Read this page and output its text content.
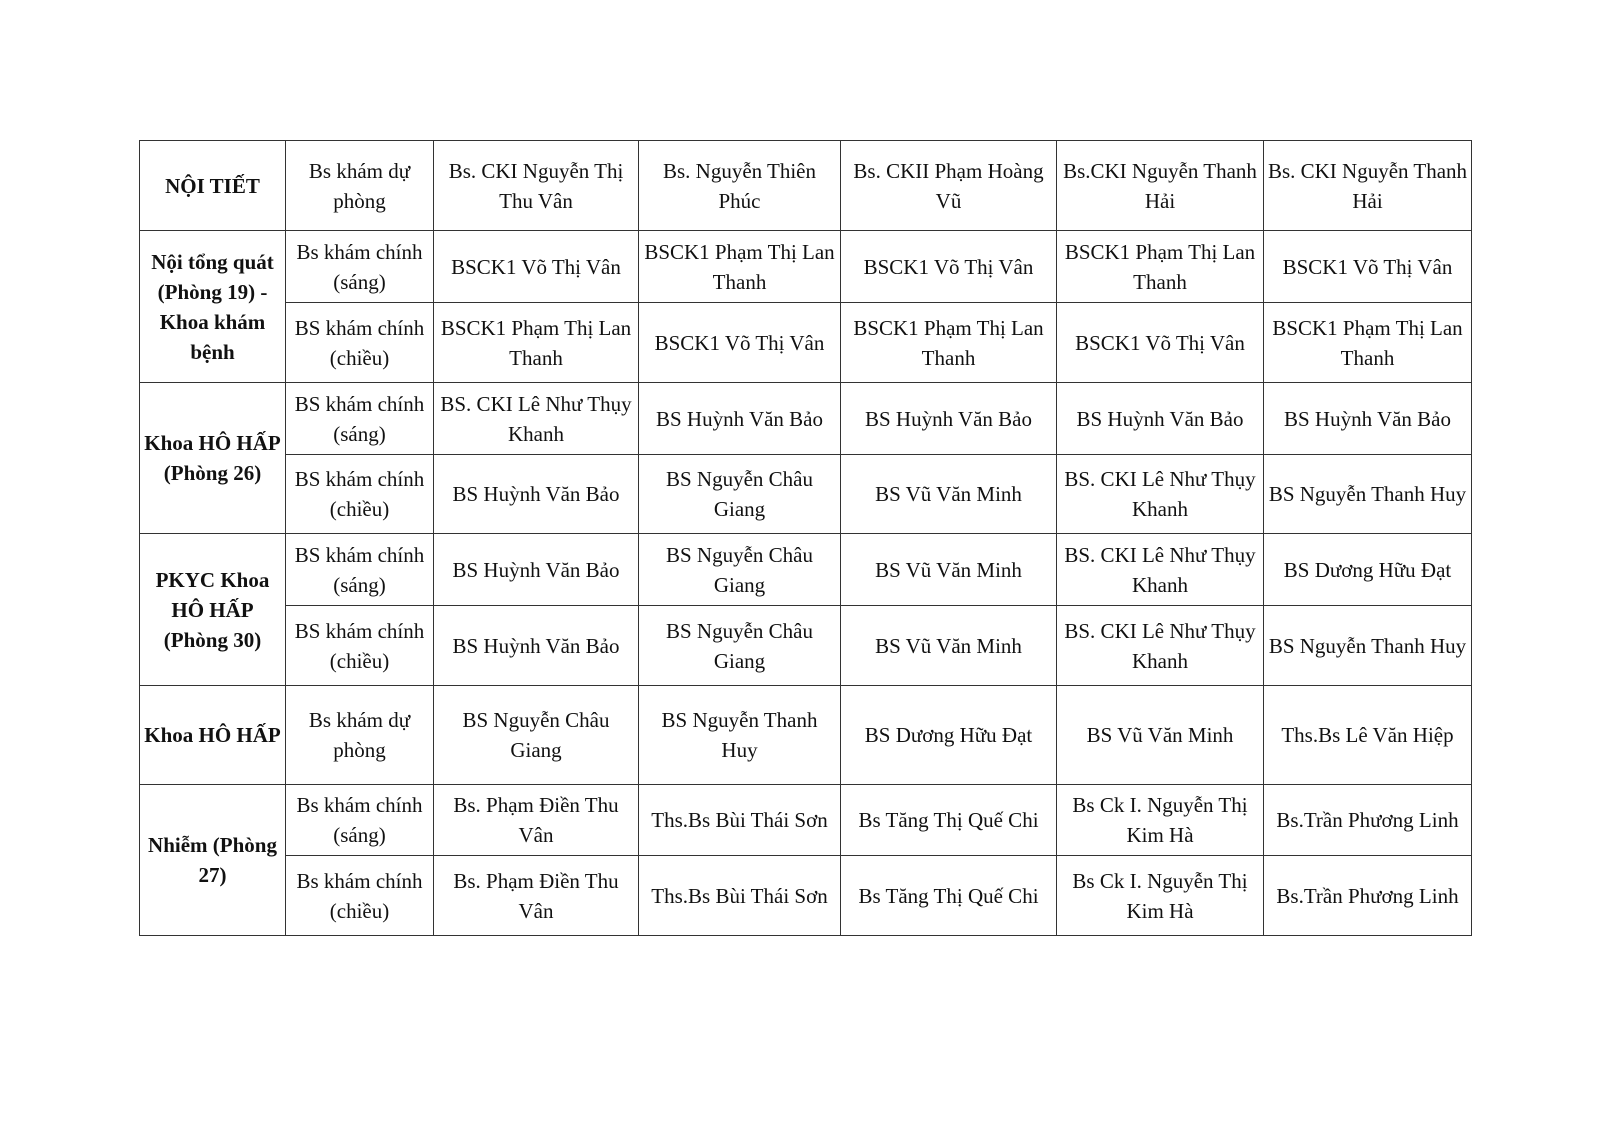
NỘI TIẾT	Bs khám dự phòng	Bs. CKI Nguyễn Thị Thu Vân	Bs. Nguyễn Thiên Phúc	Bs. CKII Phạm Hoàng Vũ	Bs.CKI Nguyễn Thanh Hải	Bs. CKI Nguyễn Thanh Hải
Nội tổng quát (Phòng 19) - Khoa khám bệnh	Bs khám chính (sáng)	BSCK1 Võ Thị Vân	BSCK1 Phạm Thị Lan Thanh	BSCK1 Võ Thị Vân	BSCK1 Phạm Thị Lan Thanh	BSCK1 Võ Thị Vân
	BS khám chính (chiều)	BSCK1 Phạm Thị Lan Thanh	BSCK1 Võ Thị Vân	BSCK1 Phạm Thị Lan Thanh	BSCK1 Võ Thị Vân	BSCK1 Phạm Thị Lan Thanh
Khoa HÔ HẤP (Phòng 26)	BS khám chính (sáng)	BS. CKI Lê Như Thụy Khanh	BS Huỳnh Văn Bảo	BS Huỳnh Văn Bảo	BS Huỳnh Văn Bảo	BS Huỳnh Văn Bảo
	BS khám chính (chiều)	BS Huỳnh Văn Bảo	BS Nguyễn Châu Giang	BS Vũ Văn Minh	BS. CKI Lê Như Thụy Khanh	BS Nguyễn Thanh Huy
PKYC Khoa HÔ HẤP (Phòng 30)	BS khám chính (sáng)	BS Huỳnh Văn Bảo	BS Nguyễn Châu Giang	BS Vũ Văn Minh	BS. CKI Lê Như Thụy Khanh	BS Dương Hữu Đạt
	BS khám chính (chiều)	BS Huỳnh Văn Bảo	BS Nguyễn Châu Giang	BS Vũ Văn Minh	BS. CKI Lê Như Thụy Khanh	BS Nguyễn Thanh Huy
Khoa HÔ HẤP	Bs khám dự phòng	BS Nguyễn Châu Giang	BS Nguyễn Thanh Huy	BS Dương Hữu Đạt	BS Vũ Văn Minh	Ths.Bs Lê Văn Hiệp
Nhiễm (Phòng 27)	Bs khám chính (sáng)	Bs. Phạm Điền Thu Vân	Ths.Bs Bùi Thái Sơn	Bs Tăng Thị Quế Chi	Bs Ck I. Nguyễn Thị Kim Hà	Bs.Trần Phương Linh
	Bs khám chính (chiều)	Bs. Phạm Điền Thu Vân	Ths.Bs Bùi Thái Sơn	Bs Tăng Thị Quế Chi	Bs Ck I. Nguyễn Thị Kim Hà	Bs.Trần Phương Linh
